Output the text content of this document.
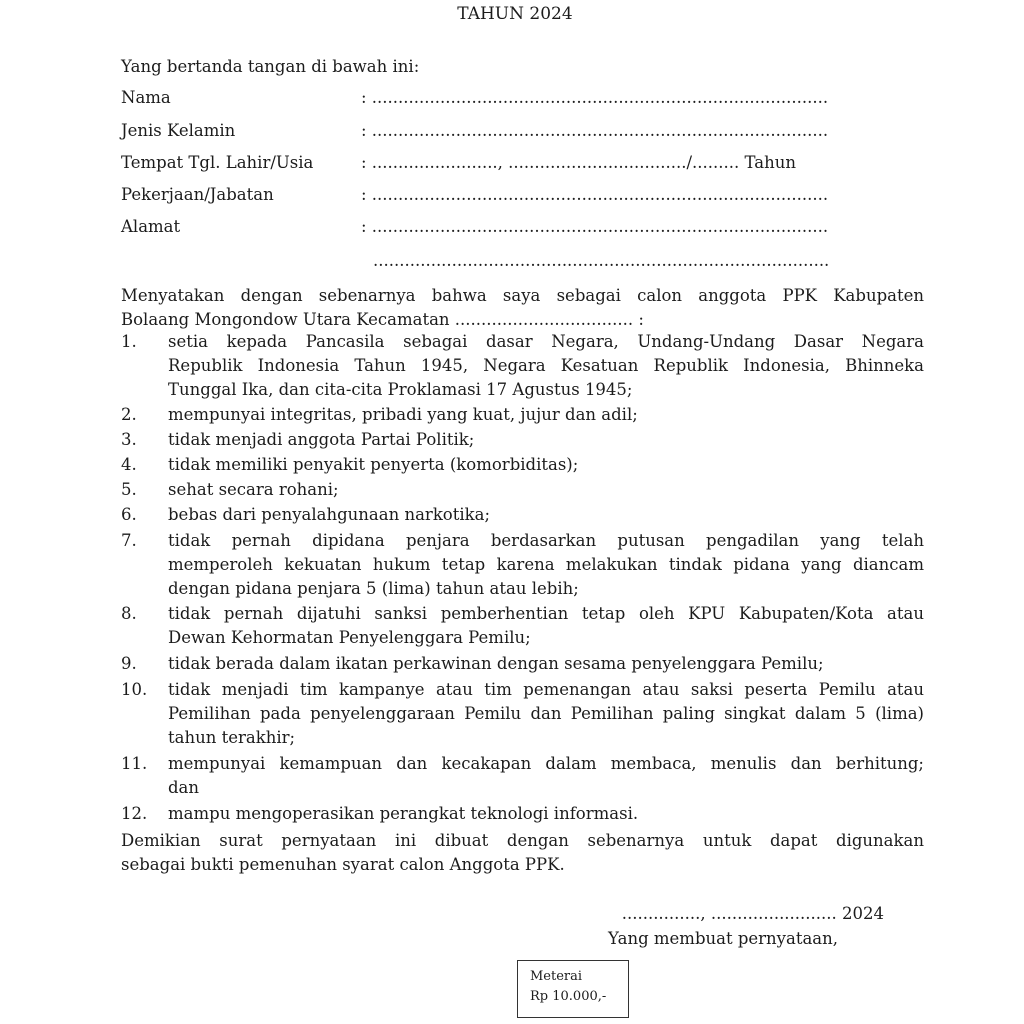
TAHUN 2024
Yang bertanda tangan di bawah ini:
Nama	: .......................................................................................
Jenis Kelamin	: .......................................................................................
Tempat Tgl. Lahir/Usia	: ........................, ................................../......... Tahun
Pekerjaan/Jabatan	: .......................................................................................
Alamat	: .......................................................................................
.......................................................................................
Menyatakan dengan sebenarnya bahwa saya sebagai calon anggota PPK Kabupaten
Bolaang Mongondow Utara Kecamatan .................................. :
1. setia kepada Pancasila sebagai dasar Negara, Undang-Undang Dasar Negara
Republik Indonesia Tahun 1945, Negara Kesatuan Republik Indonesia, Bhinneka
Tunggal Ika, dan cita-cita Proklamasi 17 Agustus 1945;
2. mempunyai integritas, pribadi yang kuat, jujur dan adil;
3. tidak menjadi anggota Partai Politik;
4. tidak memiliki penyakit penyerta (komorbiditas);
5. sehat secara rohani;
6. bebas dari penyalahgunaan narkotika;
7. tidak pernah dipidana penjara berdasarkan putusan pengadilan yang telah
memperoleh kekuatan hukum tetap karena melakukan tindak pidana yang diancam
dengan pidana penjara 5 (lima) tahun atau lebih;
8. tidak pernah dijatuhi sanksi pemberhentian tetap oleh KPU Kabupaten/Kota atau
Dewan Kehormatan Penyelenggara Pemilu;
9. tidak berada dalam ikatan perkawinan dengan sesama penyelenggara Pemilu;
10. tidak menjadi tim kampanye atau tim pemenangan atau saksi peserta Pemilu atau
Pemilihan pada penyelenggaraan Pemilu dan Pemilihan paling singkat dalam 5 (lima)
tahun terakhir;
11. mempunyai kemampuan dan kecakapan dalam membaca, menulis dan berhitung;
dan
12. mampu mengoperasikan perangkat teknologi informasi.
Demikian surat pernyataan ini dibuat dengan sebenarnya untuk dapat digunakan
sebagai bukti pemenuhan syarat calon Anggota PPK.
..............., ........................ 2024
Yang membuat pernyataan,
Meterai
Rp 10.000,-
